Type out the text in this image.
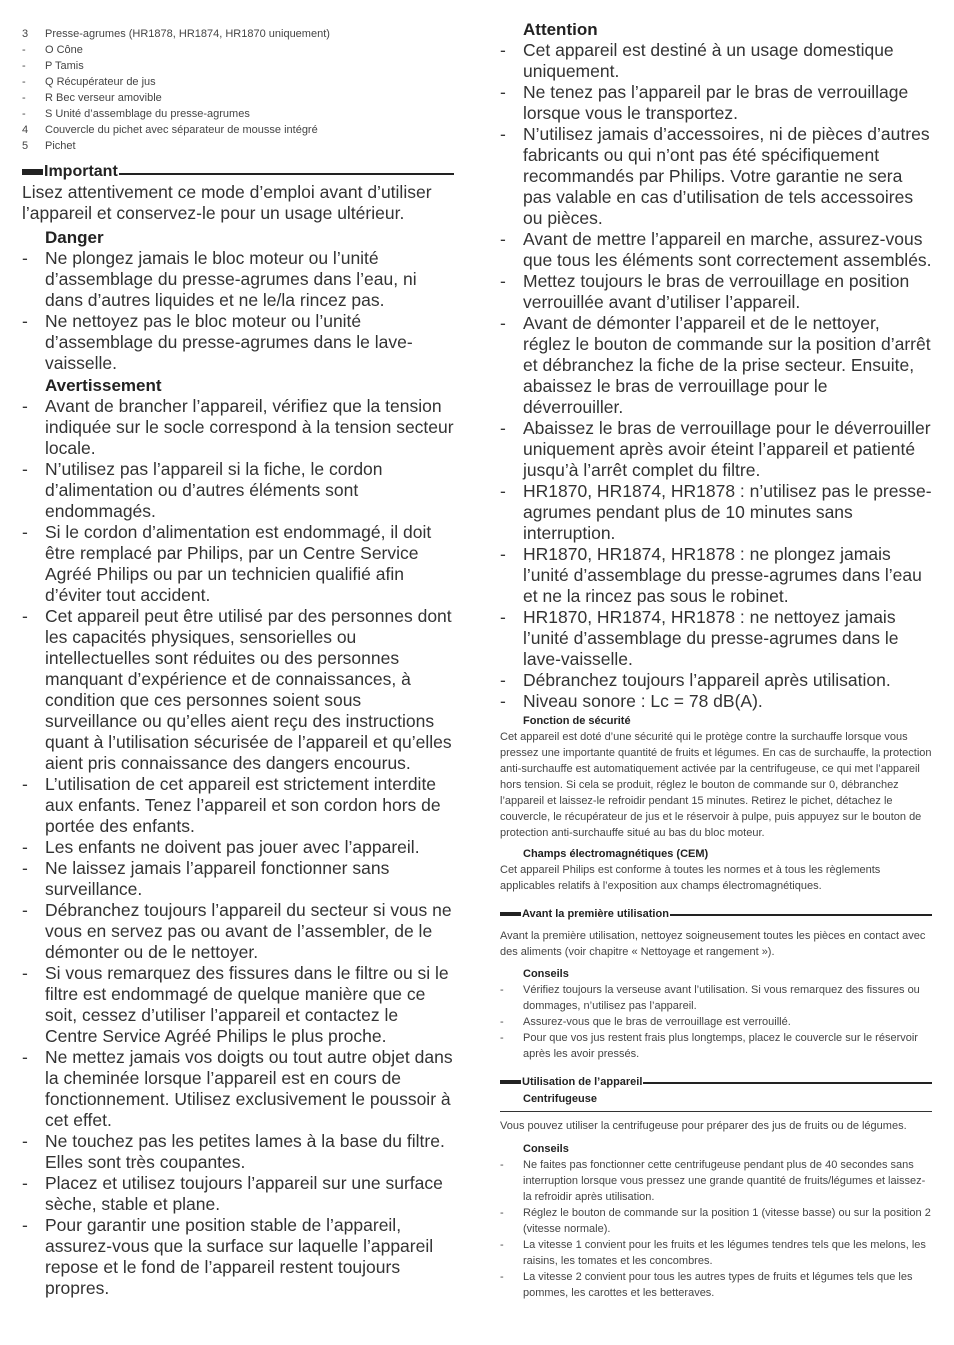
3	Presse-agrumes (HR1878, HR1874, HR1870 uniquement)
-	O Cône
-	P Tamis
-	Q Récupérateur de jus
-	R Bec verseur amovible
-	S Unité d’assemblage du presse-agrumes
4	Couvercle du pichet avec séparateur de mousse intégré
5	Pichet
Important
Lisez attentivement ce mode d’emploi avant d’utiliser l’appareil et conservez-le pour un usage ultérieur.
Danger
- Ne plongez jamais le bloc moteur ou l’unité d’assemblage du presse-agrumes dans l’eau, ni dans d’autres liquides et ne le/la rincez pas.
- Ne nettoyez pas le bloc moteur ou l’unité d’assemblage du presse-agrumes dans le lave-vaisselle.
Avertissement
- Avant de brancher l’appareil, vérifiez que la tension indiquée sur le socle correspond à la tension secteur locale.
- N’utilisez pas l’appareil si la fiche, le cordon d’alimentation ou d’autres éléments sont endommagés.
- Si le cordon d’alimentation est endommagé, il doit être remplacé par Philips, par un Centre Service Agréé Philips ou par un technicien qualifié afin d’éviter tout accident.
- Cet appareil peut être utilisé par des personnes dont les capacités physiques, sensorielles ou intellectuelles sont réduites ou des personnes manquant d’expérience et de connaissances, à condition que ces personnes soient sous surveillance ou qu’elles aient reçu des instructions quant à l’utilisation sécurisée de l’appareil et qu’elles aient pris connaissance des dangers encourus.
- L’utilisation de cet appareil est strictement interdite aux enfants. Tenez l’appareil et son cordon hors de portée des enfants.
- Les enfants ne doivent pas jouer avec l’appareil.
- Ne laissez jamais l’appareil fonctionner sans surveillance.
- Débranchez toujours l’appareil du secteur si vous ne vous en servez pas ou avant de l’assembler, de le démonter ou de le nettoyer.
- Si vous remarquez des fissures dans le filtre ou si le filtre est endommagé de quelque manière que ce soit, cessez d’utiliser l’appareil et contactez le Centre Service Agréé Philips le plus proche.
- Ne mettez jamais vos doigts ou tout autre objet dans la cheminée lorsque l’appareil est en cours de fonctionnement. Utilisez exclusivement le poussoir à cet effet.
- Ne touchez pas les petites lames à la base du filtre. Elles sont très coupantes.
- Placez et utilisez toujours l’appareil sur une surface sèche, stable et plane.
- Pour garantir une position stable de l’appareil, assurez-vous que la surface sur laquelle l’appareil repose et le fond de l’appareil restent toujours propres.
Attention
- Cet appareil est destiné à un usage domestique uniquement.
- Ne tenez pas l’appareil par le bras de verrouillage lorsque vous le transportez.
- N’utilisez jamais d’accessoires, ni de pièces d’autres fabricants ou qui n’ont pas été spécifiquement recommandés par Philips. Votre garantie ne sera pas valable en cas d’utilisation de tels accessoires ou pièces.
- Avant de mettre l’appareil en marche, assurez-vous que tous les éléments sont correctement assemblés.
- Mettez toujours le bras de verrouillage en position verrouillée avant d’utiliser l’appareil.
- Avant de démonter l’appareil et de le nettoyer, réglez le bouton de commande sur la position d’arrêt et débranchez la fiche de la prise secteur. Ensuite, abaissez le bras de verrouillage pour le déverrouiller.
- Abaissez le bras de verrouillage pour le déverrouiller uniquement après avoir éteint l’appareil et patienté jusqu’à l’arrêt complet du filtre.
- HR1870, HR1874, HR1878 : n’utilisez pas le presse-agrumes pendant plus de 10 minutes sans interruption.
- HR1870, HR1874, HR1878 : ne plongez jamais l’unité d’assemblage du presse-agrumes dans l’eau et ne la rincez pas sous le robinet.
- HR1870, HR1874, HR1878 : ne nettoyez jamais l’unité d’assemblage du presse-agrumes dans le lave-vaisselle.
- Débranchez toujours l’appareil après utilisation.
- Niveau sonore : Lc = 78 dB(A).
Fonction de sécurité
Cet appareil est doté d’une sécurité qui le protège contre la surchauffe lorsque vous pressez une importante quantité de fruits et légumes. En cas de surchauffe, la protection anti-surchauffe est automatiquement activée par la centrifugeuse, ce qui met l’appareil hors tension. Si cela se produit, réglez le bouton de commande sur 0, débranchez l’appareil et laissez-le refroidir pendant 15 minutes. Retirez le pichet, détachez le couvercle, le récupérateur de jus et le réservoir à pulpe, puis appuyez sur le bouton de protection anti-surchauffe situé au bas du bloc moteur.
Champs électromagnétiques (CEM)
Cet appareil Philips est conforme à toutes les normes et à tous les règlements applicables relatifs à l’exposition aux champs électromagnétiques.
Avant la première utilisation
Avant la première utilisation, nettoyez soigneusement toutes les pièces en contact avec des aliments (voir chapitre « Nettoyage et rangement »).
Conseils
-	Vérifiez toujours la verseuse avant l’utilisation. Si vous remarquez des fissures ou dommages, n’utilisez pas l’appareil.
-	Assurez-vous que le bras de verrouillage est verrouillé.
-	Pour que vos jus restent frais plus longtemps, placez le couvercle sur le réservoir après les avoir pressés.
Utilisation de l’appareil
Centrifugeuse
Vous pouvez utiliser la centrifugeuse pour préparer des jus de fruits ou de légumes.
Conseils
-	Ne faites pas fonctionner cette centrifugeuse pendant plus de 40 secondes sans interruption lorsque vous pressez une grande quantité de fruits/légumes et laissez-la refroidir après utilisation.
-	Réglez le bouton de commande sur la position 1 (vitesse basse) ou sur la position 2 (vitesse normale).
-	La vitesse 1 convient pour les fruits et les légumes tendres tels que les melons, les raisins, les tomates et les concombres.
-	La vitesse 2 convient pour tous les autres types de fruits et légumes tels que les pommes, les carottes et les betteraves.
